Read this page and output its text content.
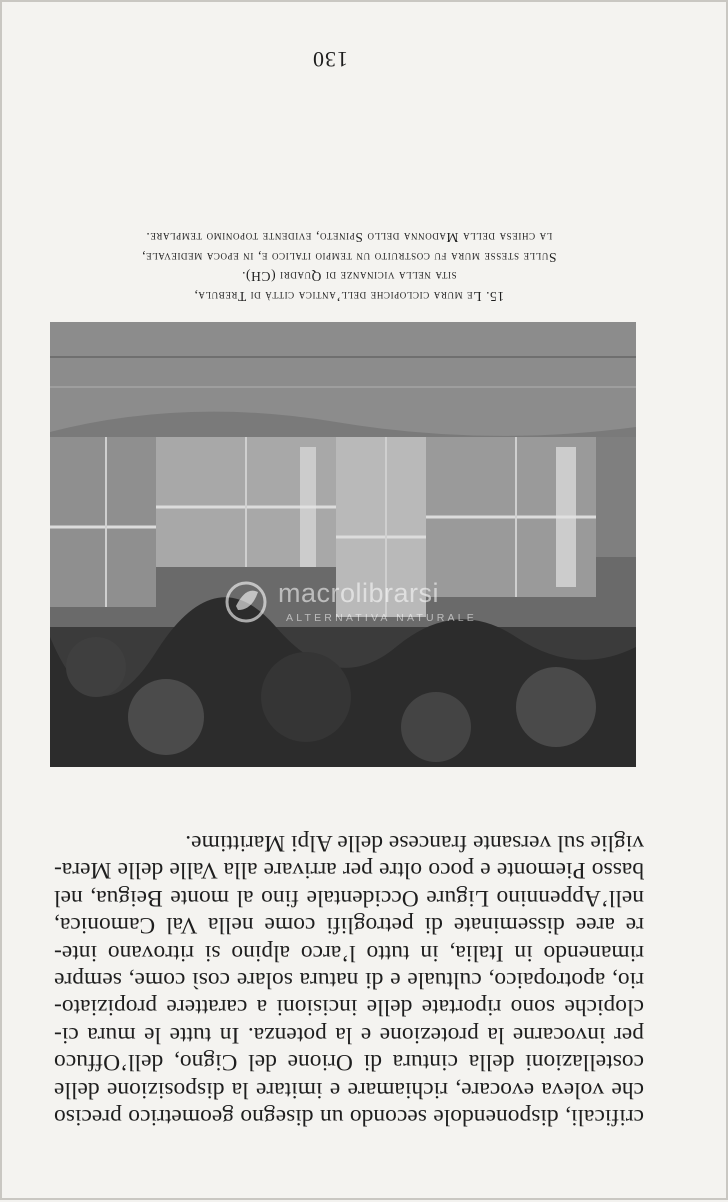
crificali, disponendole secondo un disegno geometrico preciso
che voleva evocare, richiamare e imitare la disposizione delle
costellazioni della cintura di Orione del Cigno, dell’Offuco
per invocarne la protezione e la potenza. In tutte le mura ci-
clopiche sono riportate delle incisioni a carattere propiziato-
rio, apotropaico, cultuale e di natura solare così come, sempre
rimanendo in Italia, in tutto l’arco alpino si ritrovano inte-
re aree disseminate di petroglifi come nella Val Camonica,
nell’Appennino Ligure Occidentale fino al monte Beigua, nel
basso Piemonte e poco oltre per arrivare alla Valle delle Mera-
viglie sul versante francese delle Alpi Marittime.
15. Le mura ciclopiche dell’antica città di Trebula,
sita nella vicinanze di Quadri (CH).
Sulle stesse mura fu costruito un tempio italico e, in epoca medievale,
la chiesa della Madonna dello Spineto, evidente toponimo templare.
130
macrolibrarsi
ALTERNATIVA NATURALE
